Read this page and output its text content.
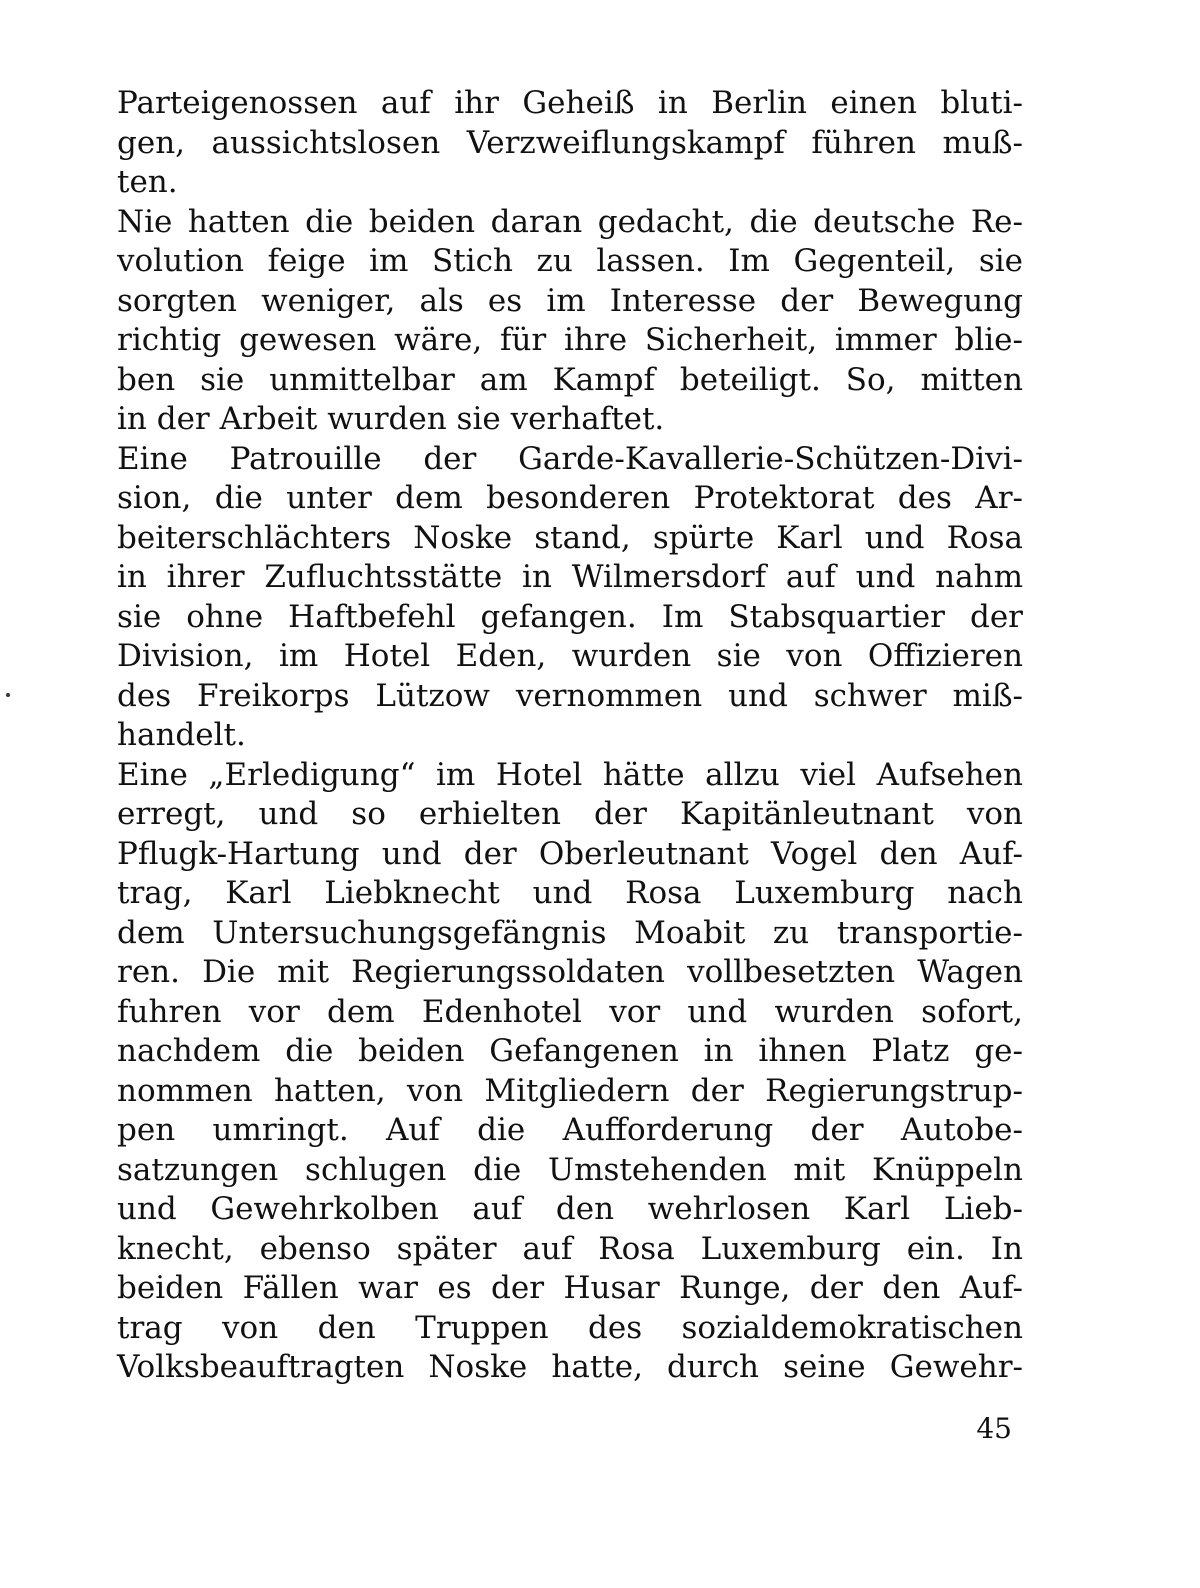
Parteigenossen auf ihr Geheiß in Berlin einen bluti-
gen, aussichtslosen Verzweiflungskampf führen muß-
ten.
Nie hatten die beiden daran gedacht, die deutsche Re-
volution feige im Stich zu lassen. Im Gegenteil, sie
sorgten weniger, als es im Interesse der Bewegung
richtig gewesen wäre, für ihre Sicherheit, immer blie-
ben sie unmittelbar am Kampf beteiligt. So, mitten
in der Arbeit wurden sie verhaftet.
Eine Patrouille der Garde-Kavallerie-Schützen-Divi-
sion, die unter dem besonderen Protektorat des Ar-
beiterschlächters Noske stand, spürte Karl und Rosa
in ihrer Zufluchtsstätte in Wilmersdorf auf und nahm
sie ohne Haftbefehl gefangen. Im Stabsquartier der
Division, im Hotel Eden, wurden sie von Offizieren
des Freikorps Lützow vernommen und schwer miß-
handelt.
Eine „Erledigung“ im Hotel hätte allzu viel Aufsehen
erregt, und so erhielten der Kapitänleutnant von
Pflugk-Hartung und der Oberleutnant Vogel den Auf-
trag, Karl Liebknecht und Rosa Luxemburg nach
dem Untersuchungsgefängnis Moabit zu transportie-
ren. Die mit Regierungssoldaten vollbesetzten Wagen
fuhren vor dem Edenhotel vor und wurden sofort,
nachdem die beiden Gefangenen in ihnen Platz ge-
nommen hatten, von Mitgliedern der Regierungstrup-
pen umringt. Auf die Aufforderung der Autobe-
satzungen schlugen die Umstehenden mit Knüppeln
und Gewehrkolben auf den wehrlosen Karl Lieb-
knecht, ebenso später auf Rosa Luxemburg ein. In
beiden Fällen war es der Husar Runge, der den Auf-
trag von den Truppen des sozialdemokratischen
Volksbeauftragten Noske hatte, durch seine Gewehr-
45
